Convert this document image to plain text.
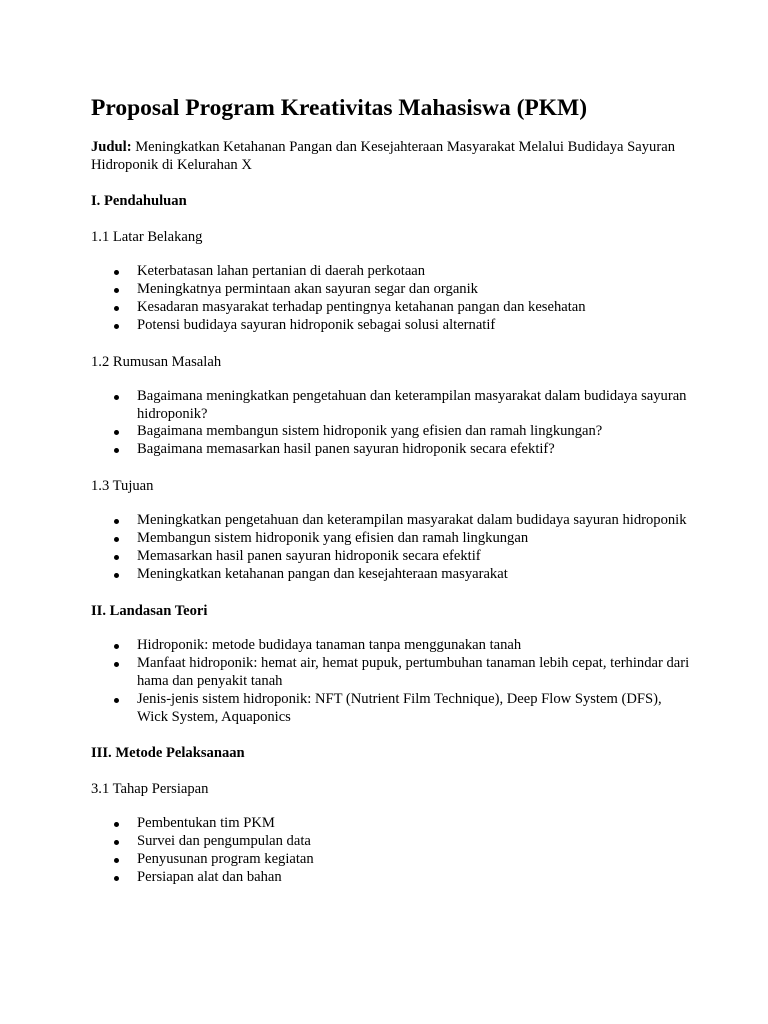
Proposal Program Kreativitas Mahasiswa (PKM)

Judul: Meningkatkan Ketahanan Pangan dan Kesejahteraan Masyarakat Melalui Budidaya Sayuran Hidroponik di Kelurahan X

I. Pendahuluan
1.1 Latar Belakang
Keterbatasan lahan pertanian di daerah perkotaan
Meningkatnya permintaan akan sayuran segar dan organik
Kesadaran masyarakat terhadap pentingnya ketahanan pangan dan kesehatan
Potensi budidaya sayuran hidroponik sebagai solusi alternatif
1.2 Rumusan Masalah
Bagaimana meningkatkan pengetahuan dan keterampilan masyarakat dalam budidaya sayuran hidroponik?
Bagaimana membangun sistem hidroponik yang efisien dan ramah lingkungan?
Bagaimana memasarkan hasil panen sayuran hidroponik secara efektif?
1.3 Tujuan
Meningkatkan pengetahuan dan keterampilan masyarakat dalam budidaya sayuran hidroponik
Membangun sistem hidroponik yang efisien dan ramah lingkungan
Memasarkan hasil panen sayuran hidroponik secara efektif
Meningkatkan ketahanan pangan dan kesejahteraan masyarakat
II. Landasan Teori
Hidroponik: metode budidaya tanaman tanpa menggunakan tanah
Manfaat hidroponik: hemat air, hemat pupuk, pertumbuhan tanaman lebih cepat, terhindar dari hama dan penyakit tanah
Jenis-jenis sistem hidroponik: NFT (Nutrient Film Technique), Deep Flow System (DFS), Wick System, Aquaponics
III. Metode Pelaksanaan
3.1 Tahap Persiapan
Pembentukan tim PKM
Survei dan pengumpulan data
Penyusunan program kegiatan
Persiapan alat dan bahan
